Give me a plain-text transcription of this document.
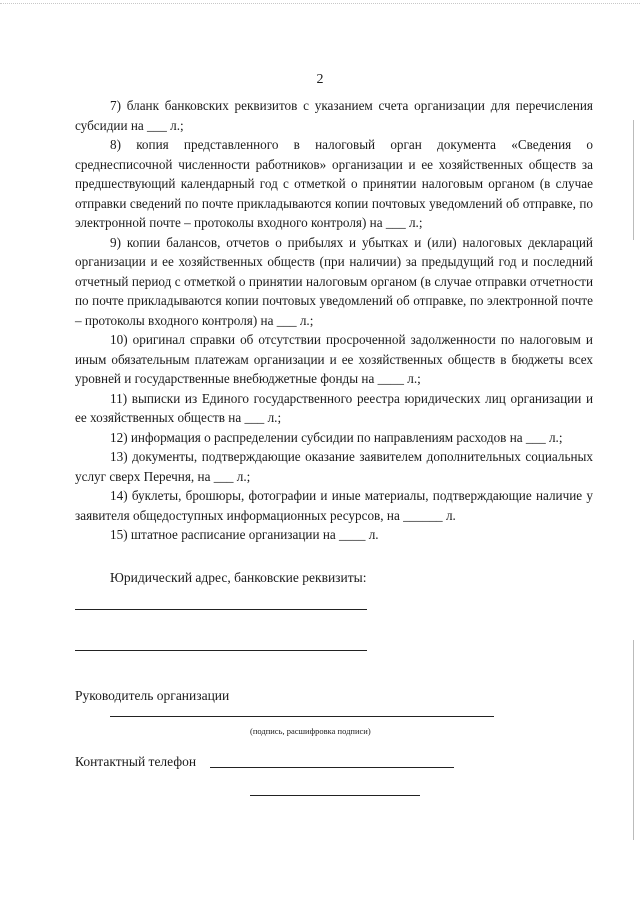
2

7) бланк банковских реквизитов с указанием счета организации для перечисления субсидии на ___ л.;

8) копия представленного в налоговый орган документа «Сведения о среднесписочной численности работников» организации и ее хозяйственных обществ за предшествующий календарный год с отметкой о принятии налоговым органом (в случае отправки сведений по почте прикладываются копии почтовых уведомлений об отправке, по электронной почте – протоколы входного контроля) на ___ л.;

9) копии балансов, отчетов о прибылях и убытках и (или) налоговых деклараций организации и ее хозяйственных обществ (при наличии) за предыдущий год и последний отчетный период с отметкой о принятии налоговым органом (в случае отправки отчетности по почте прикладываются копии почтовых уведомлений об отправке, по электронной почте – протоколы входного контроля) на ___ л.;

10) оригинал справки об отсутствии просроченной задолженности по налоговым и иным обязательным платежам организации и ее хозяйственных обществ в бюджеты всех уровней и государственные внебюджетные фонды на ____ л.;

11) выписки из Единого государственного реестра юридических лиц организации и ее хозяйственных обществ на ___ л.;

12) информация о распределении субсидии по направлениям расходов на ___ л.;

13) документы, подтверждающие оказание заявителем дополнительных социальных услуг сверх Перечня, на ___ л.;

14) буклеты, брошюры, фотографии и иные материалы, подтверждающие наличие у заявителя общедоступных информационных ресурсов, на ______ л.

15) штатное расписание организации на ____ л.

Юридический адрес, банковские реквизиты:
Руководитель организации
(подпись, расшифровка подписи)
Контактный телефон
